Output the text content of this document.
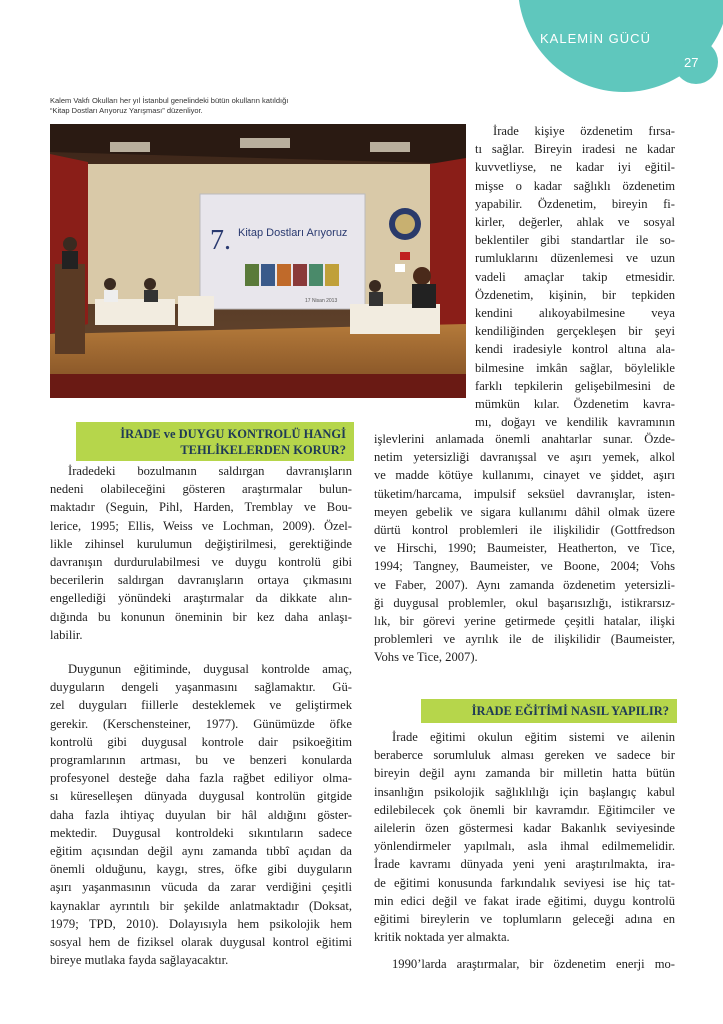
KALEMİN GÜCÜ
27
Kalem Vakfı Okulları her yıl İstanbul genelindeki bütün okulların katıldığı
“Kitap Dostları Arıyoruz Yarışması” düzenliyor.
7. Kitap Dostları Arıyoruz
17 Nisan 2013
İrade kişiye özdenetim fırsa-
tı sağlar. Bireyin iradesi ne kadar
kuvvetliyse, ne kadar iyi eğitil-
mişse o kadar sağlıklı özdenetim
yapabilir. Özdenetim, bireyin fi-
kirler, değerler, ahlak ve sosyal
beklentiler gibi standartlar ile so-
rumluklarını düzenlemesi ve uzun
vadeli amaçlar takip etmesidir.
Özdenetim, kişinin, bir tepkiden
kendini alıkoyabilmesine veya
kendiliğinden gerçekleşen bir şeyi
kendi iradesiyle kontrol altına ala-
bilmesine imkân sağlar, böylelikle
farklı tepkilerin gelişebilmesini de
mümkün kılar. Özdenetim kavra-
mı, doğayı ve kendilik kavramının
işlevlerini anlamada önemli anahtarlar sunar. Özde-
netim yetersizliği davranışsal ve aşırı yemek, alkol
ve madde kötüye kullanımı, cinayet ve şiddet, aşırı
tüketim/harcama, impulsif seksüel davranışlar, isten-
meyen gebelik ve sigara kullanımı dâhil olmak üzere
dürtü kontrol problemleri ile ilişkilidir (Gottfredson
ve Hirschi, 1990; Baumeister, Heatherton, ve Tice,
1994; Tangney, Baumeister, ve Boone, 2004; Vohs
ve Faber, 2007). Aynı zamanda özdenetim yetersizli-
ği duygusal problemler, okul başarısızlığı, istikrarsız-
lık, bir görevi yerine getirmede çeşitli hatalar, ilişki
problemleri ve ayrılık ile de ilişkilidir (Baumeister,
Vohs ve Tice, 2007).
İRADE ve DUYGU KONTROLÜ HANGİ
TEHLİKELERDEN KORUR?
İradedeki bozulmanın saldırgan davranışların
nedeni olabileceğini gösteren araştırmalar bulun-
maktadır (Seguin, Pihl, Harden, Tremblay ve Bou-
lerice, 1995; Ellis, Weiss ve Lochman, 2009). Özel-
likle zihinsel kurulumun değiştirilmesi, gerektiğinde
davranışın durdurulabilmesi ve duygu kontrolü gibi
becerilerin saldırgan davranışların ortaya çıkmasını
engellediği yönündeki araştırmalar da dikkate alın-
dığında bu konunun öneminin bir kez daha anlaşı-
labilir.
Duygunun eğitiminde, duygusal kontrolde amaç,
duyguların dengeli yaşanmasını sağlamaktır. Gü-
zel duyguları fiillerle desteklemek ve geliştirmek
gerekir. (Kerschensteiner, 1977). Günümüzde öfke
kontrolü gibi duygusal kontrole dair psikoeğitim
programlarının artması, bu ve benzeri konularda
profesyonel desteğe daha fazla rağbet ediliyor olma-
sı küreselleşen dünyada duygusal kontrolün gitgide
daha fazla ihtiyaç duyulan bir hâl aldığını göster-
mektedir. Duygusal kontroldeki sıkıntıların sadece
eğitim açısından değil aynı zamanda tıbbî açıdan da
önemli olduğunu, kaygı, stres, öfke gibi duyguların
aşırı yaşanmasının vücuda da zarar verdiğini çeşitli
kaynaklar ayrıntılı bir şekilde anlatmaktadır (Doksat,
1979; TPD, 2010). Dolayısıyla hem psikolojik hem
sosyal hem de fiziksel olarak duygusal kontrol eğitimi
bireye mutlaka fayda sağlayacaktır.
İRADE EĞİTİMİ NASIL YAPILIR?
İrade eğitimi okulun eğitim sistemi ve ailenin
beraberce sorumluluk alması gereken ve sadece bir
bireyin değil aynı zamanda bir milletin hatta bütün
insanlığın psikolojik sağlıklılığı için başlangıç kabul
edilebilecek çok önemli bir kavramdır. Eğitimciler ve
ailelerin özen göstermesi kadar Bakanlık seviyesinde
yönlendirmeler yapılmalı, asla ihmal edilmemelidir.
İrade kavramı dünyada yeni yeni araştırılmakta, ira-
de eğitimi konusunda farkındalık seviyesi ise hiç tat-
min edici değil ve fakat irade eğitimi, duygu kontrolü
eğitimi bireylerin ve toplumların geleceği adına en
kritik noktada yer almakta.
1990’larda araştırmalar, bir özdenetim enerji mo-
